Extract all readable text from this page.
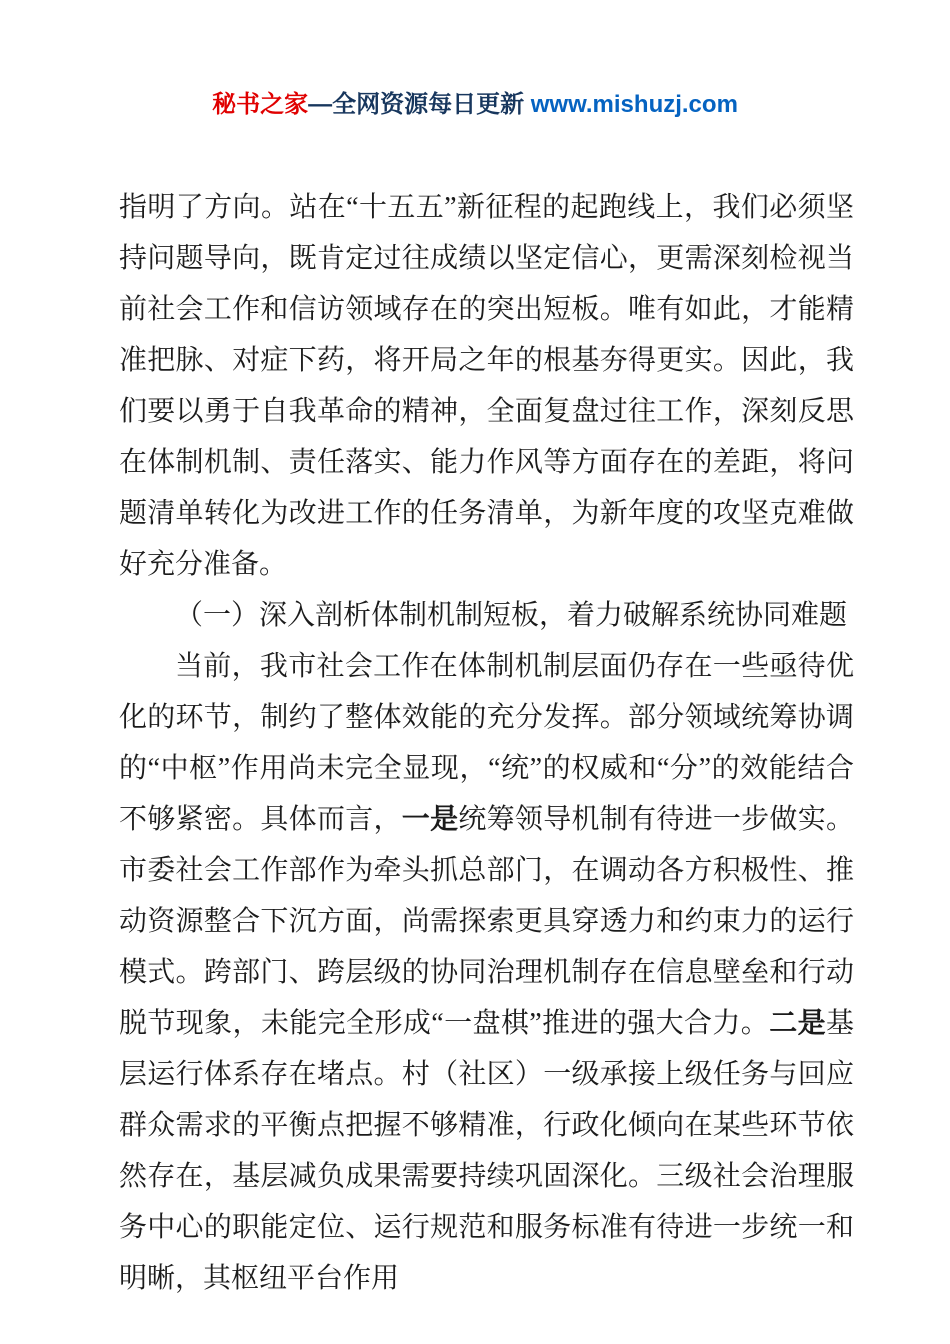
秘书之家—全网资源每日更新 www.mishuzj.com

指明了方向。站在“十五五”新征程的起跑线上，我们必须坚持问题导向，既肯定过往成绩以坚定信心，更需深刻检视当前社会工作和信访领域存在的突出短板。唯有如此，才能精准把脉、对症下药，将开局之年的根基夯得更实。因此，我们要以勇于自我革命的精神，全面复盘过往工作，深刻反思在体制机制、责任落实、能力作风等方面存在的差距，将问题清单转化为改进工作的任务清单，为新年度的攻坚克难做好充分准备。

（一）深入剖析体制机制短板，着力破解系统协同难题

当前，我市社会工作在体制机制层面仍存在一些亟待优化的环节，制约了整体效能的充分发挥。部分领域统筹协调的“中枢”作用尚未完全显现，“统”的权威和“分”的效能结合不够紧密。具体而言，一是统筹领导机制有待进一步做实。市委社会工作部作为牵头抓总部门，在调动各方积极性、推动资源整合下沉方面，尚需探索更具穿透力和约束力的运行模式。跨部门、跨层级的协同治理机制存在信息壁垒和行动脱节现象，未能完全形成“一盘棋”推进的强大合力。二是基层运行体系存在堵点。村（社区）一级承接上级任务与回应群众需求的平衡点把握不够精准，行政化倾向在某些环节依然存在，基层减负成果需要持续巩固深化。三级社会治理服务中心的职能定位、运行规范和服务标准有待进一步统一和明晰，其枢纽平台作用
